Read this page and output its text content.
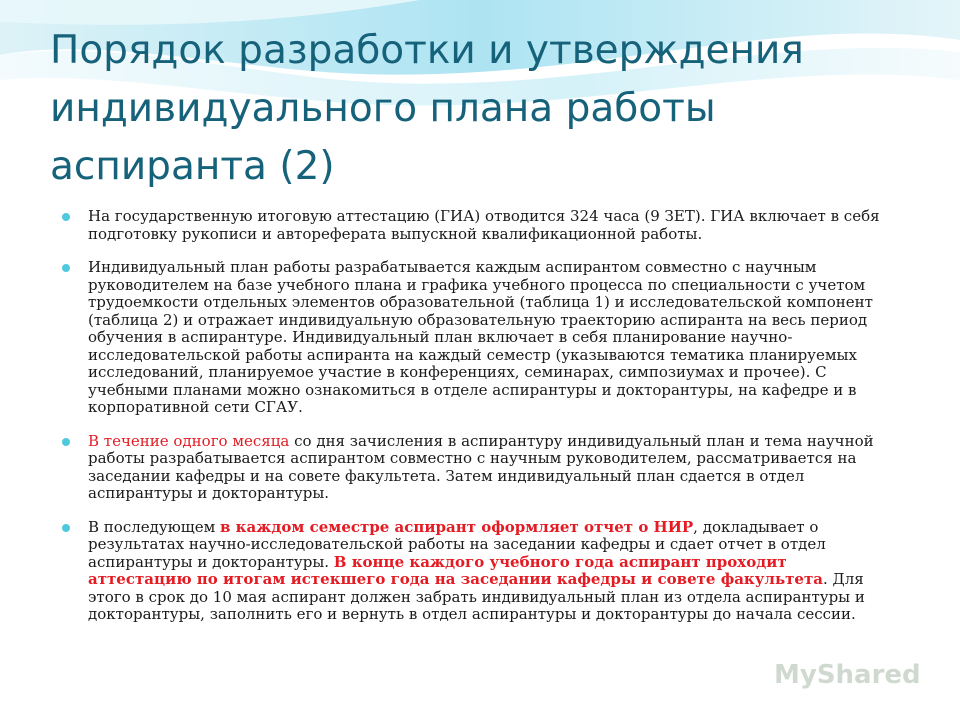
Порядок разработки и утверждения индивидуального плана работы аспиранта (2)
На государственную итоговую аттестацию (ГИА) отводится 324 часа (9 ЗЕТ). ГИА включает в себя подготовку рукописи и автореферата выпускной квалификационной работы.
Индивидуальный план работы разрабатывается каждым аспирантом совместно с научным руководителем на базе учебного плана и графика учебного процесса по специальности с учетом трудоемкости отдельных элементов образовательной (таблица 1) и исследовательской компонент (таблица 2) и отражает индивидуальную образовательную траекторию аспиранта на весь период обучения в аспирантуре. Индивидуальный план включает в себя планирование научно-исследовательской работы аспиранта на каждый семестр (указываются тематика планируемых исследований, планируемое участие в конференциях, семинарах, симпозиумах и прочее). С учебными планами можно ознакомиться в отделе аспирантуры и докторантуры, на кафедре и в корпоративной сети СГАУ.
В течение одного месяца со дня зачисления в аспирантуру индивидуальный план и тема научной работы разрабатывается аспирантом совместно с научным руководителем, рассматривается на заседании кафедры и на совете факультета. Затем индивидуальный план сдается в отдел аспирантуры и докторантуры.
В последующем в каждом семестре аспирант оформляет отчет о НИР, докладывает о результатах научно-исследовательской работы на заседании кафедры и сдает отчет в отдел аспирантуры и докторантуры. В конце каждого учебного года аспирант проходит аттестацию по итогам истекшего года на заседании кафедры и совете факультета. Для этого в срок до 10 мая аспирант должен забрать индивидуальный план из отдела аспирантуры и докторантуры, заполнить его и вернуть в отдел аспирантуры и докторантуры до начала сессии.
MyShared
